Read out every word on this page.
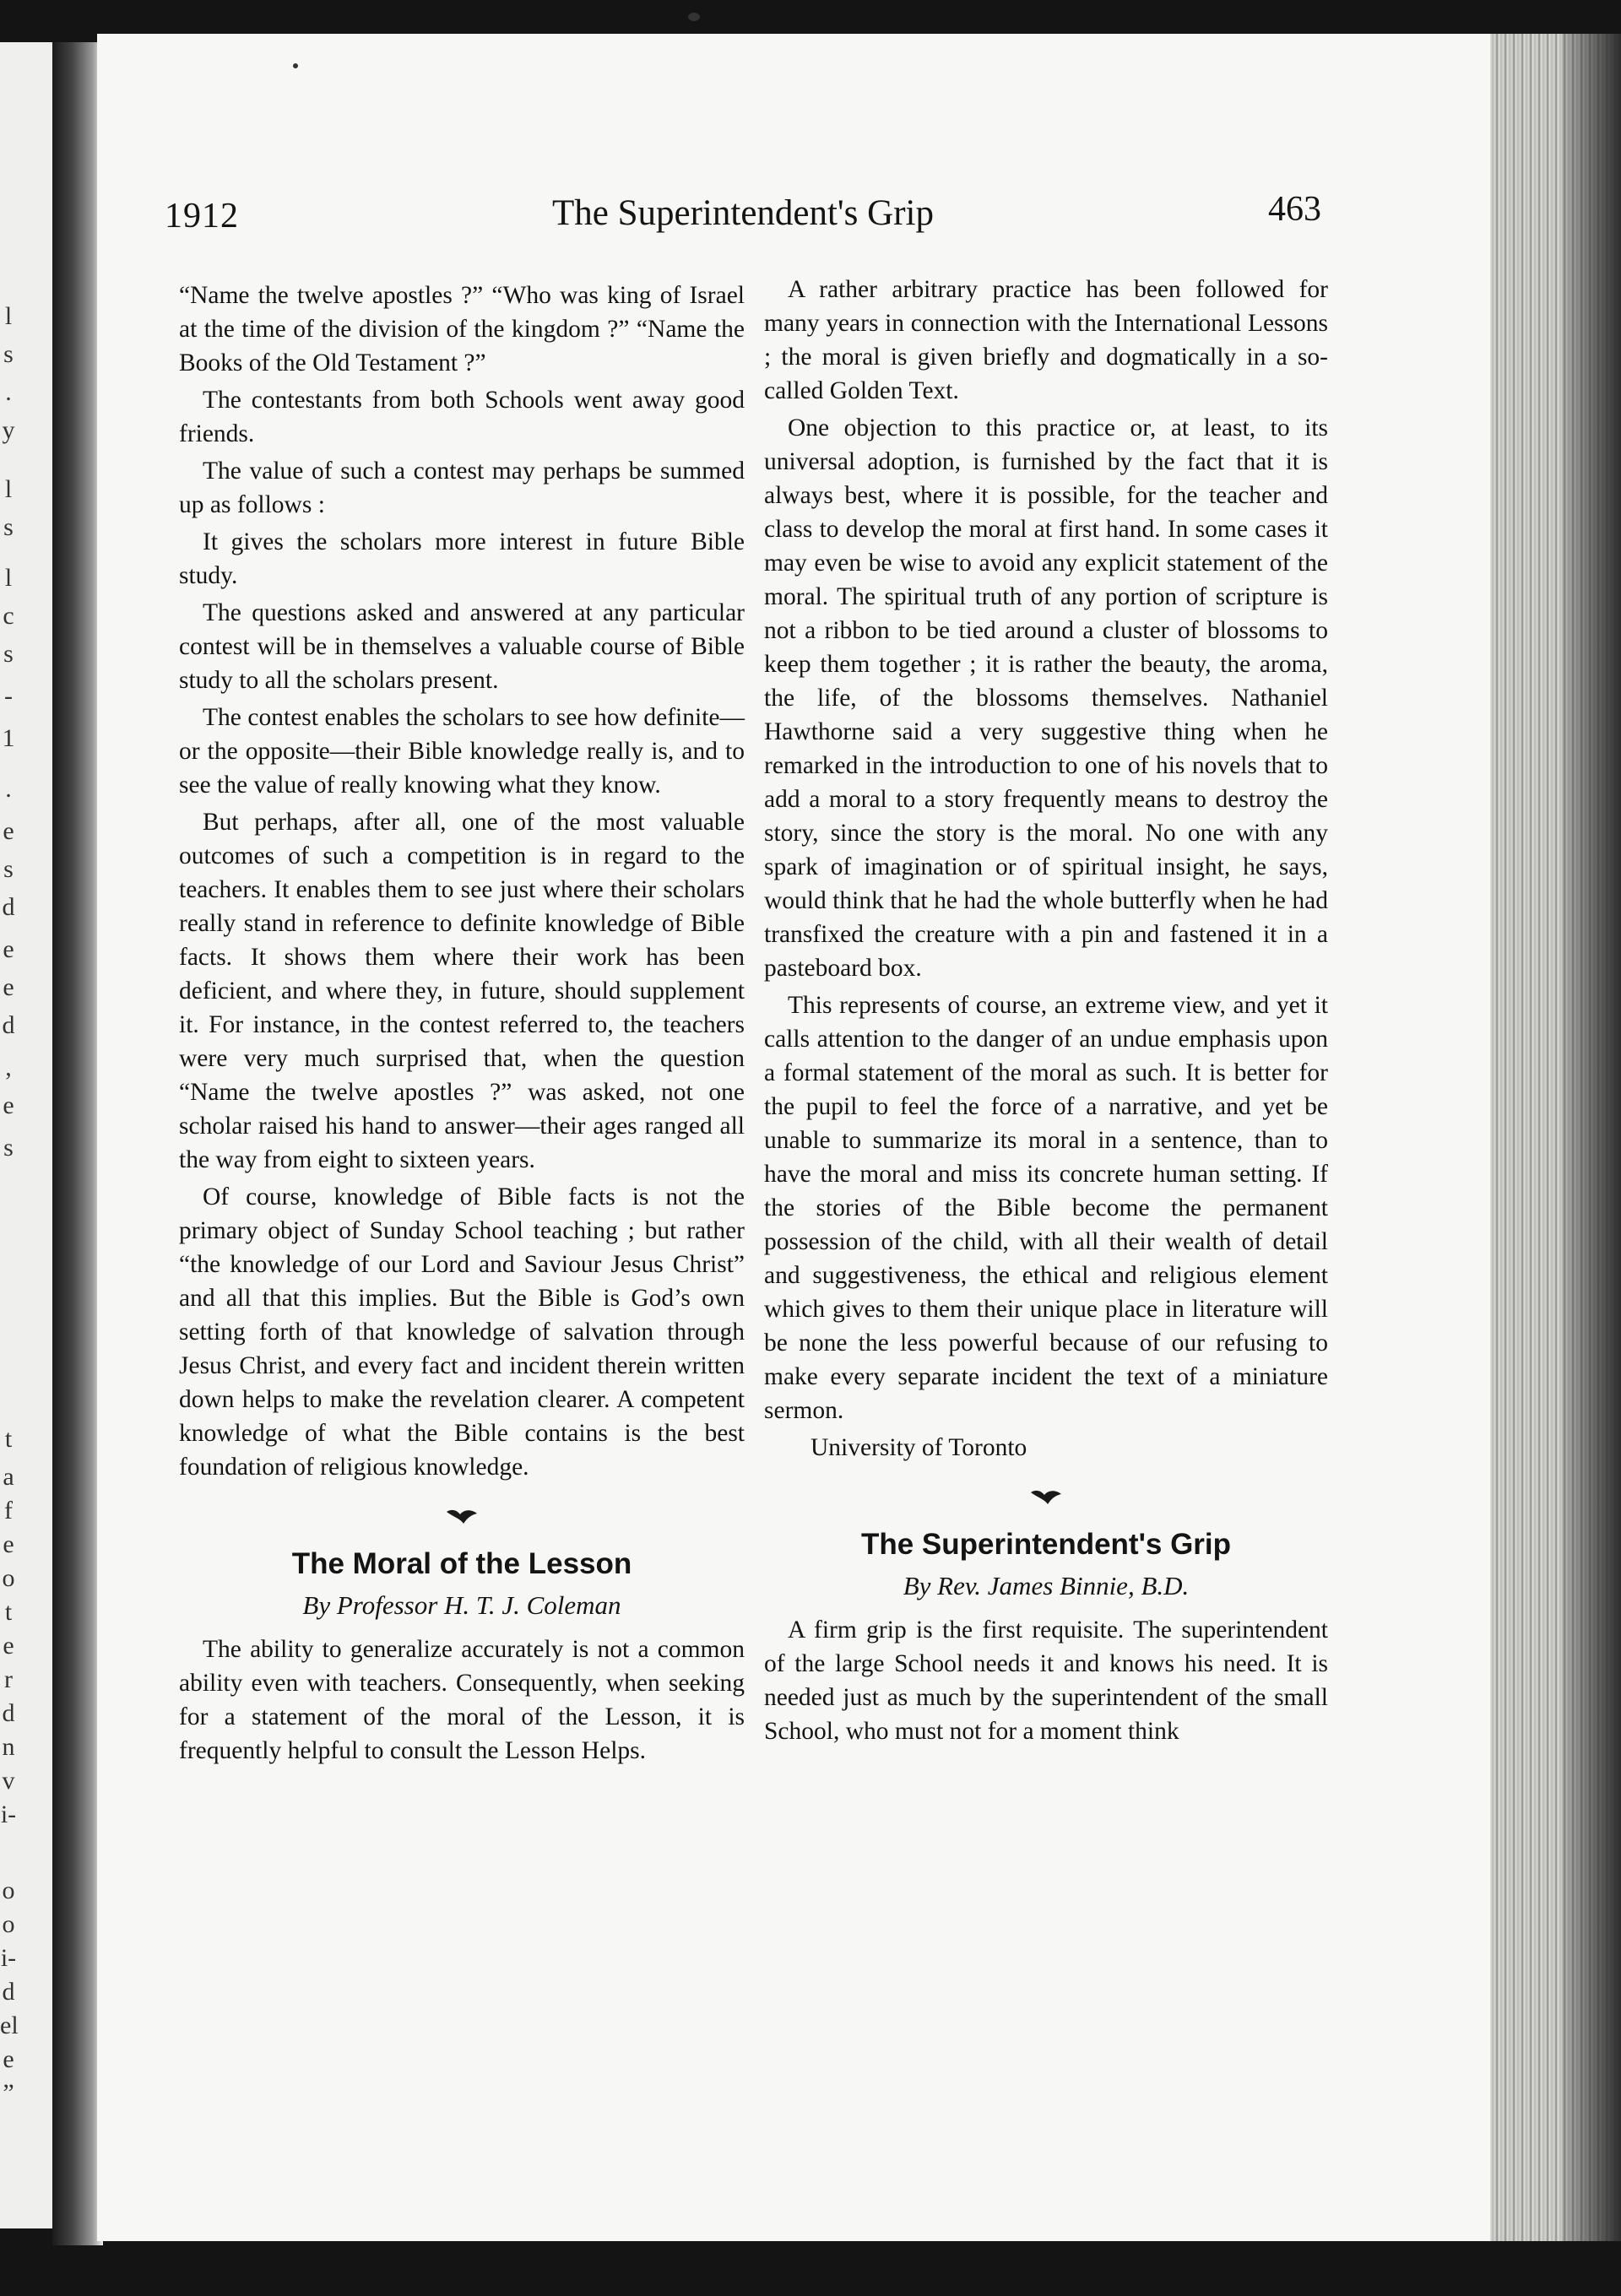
l
s
.
y
l
s
l
c
s
-
1
.
e
s
d
e
e
d
,
e
s
t
a
f
e
o
t
e
r
d
n
v
i-
o
o
i-
d
el
e
”
1912	The Superintendent's Grip	463

“Name the twelve apostles ?” “Who was king of Israel at the time of the division of the kingdom ?” “Name the Books of the Old Testament ?”

The contestants from both Schools went away good friends.

The value of such a contest may perhaps be summed up as follows :

It gives the scholars more interest in future Bible study.

The questions asked and answered at any particular contest will be in themselves a valuable course of Bible study to all the scholars present.

The contest enables the scholars to see how definite—or the opposite—their Bible knowledge really is, and to see the value of really knowing what they know.

But perhaps, after all, one of the most valuable outcomes of such a competition is in regard to the teachers. It enables them to see just where their scholars really stand in reference to definite knowledge of Bible facts. It shows them where their work has been deficient, and where they, in future, should supplement it. For instance, in the contest referred to, the teachers were very much surprised that, when the question “Name the twelve apostles ?” was asked, not one scholar raised his hand to answer—their ages ranged all the way from eight to sixteen years.

Of course, knowledge of Bible facts is not the primary object of Sunday School teaching ; but rather “the knowledge of our Lord and Saviour Jesus Christ” and all that this implies. But the Bible is God’s own setting forth of that knowledge of salvation through Jesus Christ, and every fact and incident therein written down helps to make the revelation clearer. A competent knowledge of what the Bible contains is the best foundation of religious knowledge.

The Moral of the Lesson
By Professor H. T. J. Coleman

The ability to generalize accurately is not a common ability even with teachers. Consequently, when seeking for a statement of the moral of the Lesson, it is frequently helpful to consult the Lesson Helps.

A rather arbitrary practice has been followed for many years in connection with the International Lessons ; the moral is given briefly and dogmatically in a so-called Golden Text.

One objection to this practice or, at least, to its universal adoption, is furnished by the fact that it is always best, where it is possible, for the teacher and class to develop the moral at first hand. In some cases it may even be wise to avoid any explicit statement of the moral. The spiritual truth of any portion of scripture is not a ribbon to be tied around a cluster of blossoms to keep them together ; it is rather the beauty, the aroma, the life, of the blossoms themselves. Nathaniel Hawthorne said a very suggestive thing when he remarked in the introduction to one of his novels that to add a moral to a story frequently means to destroy the story, since the story is the moral. No one with any spark of imagination or of spiritual insight, he says, would think that he had the whole butterfly when he had transfixed the creature with a pin and fastened it in a pasteboard box.

This represents of course, an extreme view, and yet it calls attention to the danger of an undue emphasis upon a formal statement of the moral as such. It is better for the pupil to feel the force of a narrative, and yet be unable to summarize its moral in a sentence, than to have the moral and miss its concrete human setting. If the stories of the Bible become the permanent possession of the child, with all their wealth of detail and suggestiveness, the ethical and religious element which gives to them their unique place in literature will be none the less powerful because of our refusing to make every separate incident the text of a miniature sermon.

University of Toronto

The Superintendent's Grip
By Rev. James Binnie, B.D.

A firm grip is the first requisite. The superintendent of the large School needs it and knows his need. It is needed just as much by the superintendent of the small School, who must not for a moment think
